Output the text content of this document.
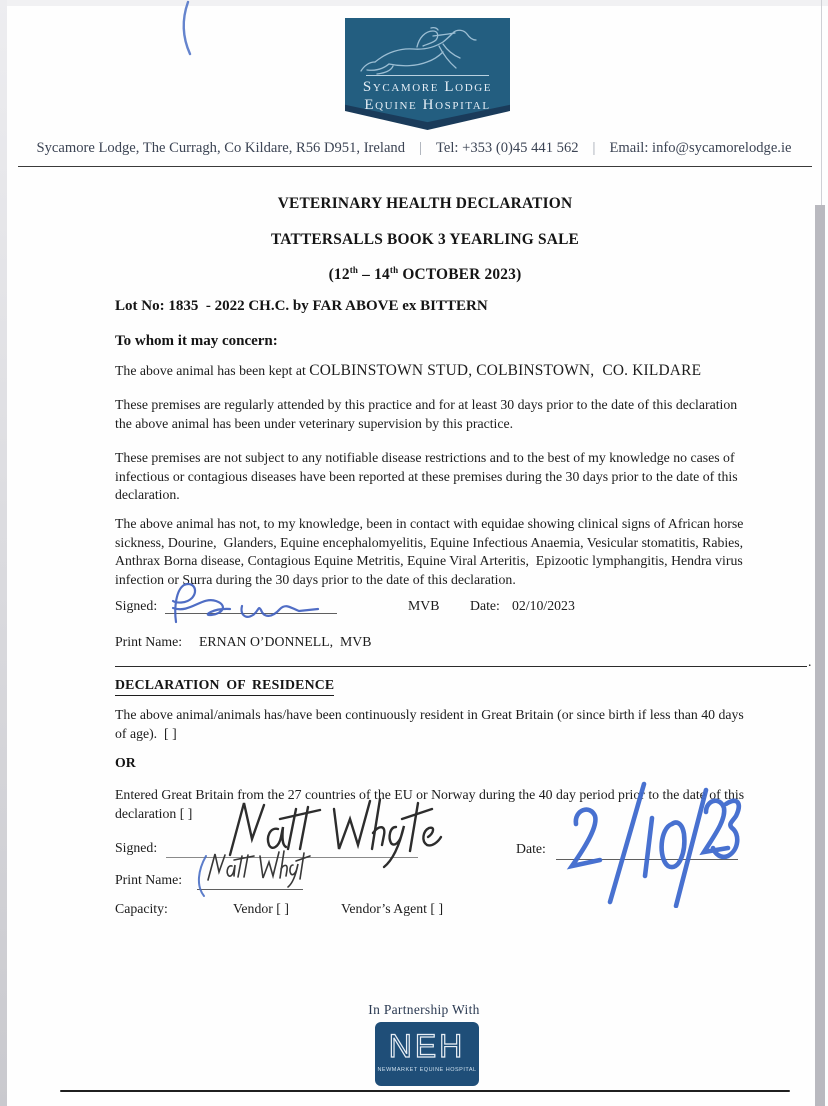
Sycamore Lodge
Equine Hospital
Sycamore Lodge, The Curragh, Co Kildare, R56 D951, Ireland | Tel: +353 (0)45 441 562 | Email: info@sycamorelodge.ie
VETERINARY HEALTH DECLARATION
TATTERSALLS BOOK 3 YEARLING SALE
(12th – 14th OCTOBER 2023)
Lot No: 1835  - 2022 CH.C. by FAR ABOVE ex BITTERN
To whom it may concern:
The above animal has been kept at COLBINSTOWN STUD, COLBINSTOWN,  CO. KILDARE
These premises are regularly attended by this practice and for at least 30 days prior to the date of this declaration the above animal has been under veterinary supervision by this practice.
These premises are not subject to any notifiable disease restrictions and to the best of my knowledge no cases of infectious or contagious diseases have been reported at these premises during the 30 days prior to the date of this declaration.
The above animal has not, to my knowledge, been in contact with equidae showing clinical signs of African horse sickness, Dourine,  Glanders, Equine encephalomyelitis, Equine Infectious Anaemia, Vesicular stomatitis, Rabies, Anthrax Borna disease, Contagious Equine Metritis, Equine Viral Arteritis,  Epizootic lymphangitis, Hendra virus infection or Surra during the 30 days prior to the date of this declaration.
Signed:	MVB Date: 02/10/2023
Print Name: ERNAN O’DONNELL,  MVB
.
DECLARATION OF RESIDENCE
The above animal/animals has/have been continuously resident in Great Britain (or since birth if less than 40 days of age).  [ ]
OR
Entered Great Britain from the 27 countries of the EU or Norway during the 40 day period prior to the date of this declaration [ ]
Signed:	Date:
Print Name:
Capacity:	Vendor [ ]	Vendor’s Agent [ ]
In Partnership With
NEH
NEWMARKET EQUINE HOSPITAL
